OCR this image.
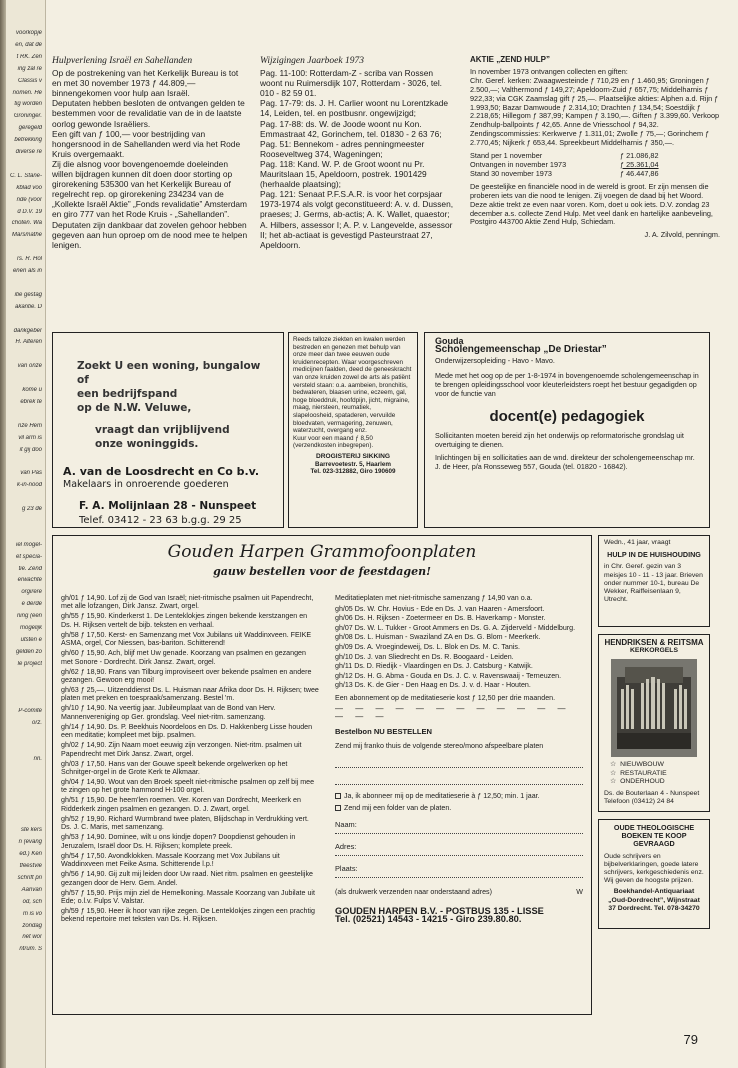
voorkopje
en, dat de
t RK. Zen
ing zal re
Classis v
nomen. He
tig worden
Groninger.
geregeld
betrekking
diverse re
C. L. Stane-
kblad voo
nde (voor
d D.V. 19
choten. Wa
Marsmathe
rs. R. Hol
enen als in
itie gestag
akantie. D
dankgeber
H. Alteren
van onze
kome u
ebrek te
nze Hem
vil arm is
it gij doo
van Pas
k-in-nood
g 23 de
iel mogel-
et specia-
tie. Zend
erwachte
orgirere
e derde
ning (een
mogelijk
utsten e
gelden zo
le project
P-comite
orz.
nn.
ste kers
n (evang
ed.) Ken
tfeestvie
schrift pri
Aanvan
od, sch
m is vo
zondag
net wor
ntrum. S
Hulpverlening Israël en Sahellanden

Op de postrekening van het Kerkelijk Bureau is tot en met 30 november 1973 ƒ 44.809,— binnengekomen voor hulp aan Israël.

Deputaten hebben besloten de ontvangen gelden te bestemmen voor de revalidatie van de in de laatste oorlog gewonde Israëliers.

Een gift van ƒ 100,— voor bestrijding van hongersnood in de Sahellanden werd via het Rode Kruis overgemaakt.

Zij die alsnog voor bovengenoemde doeleinden willen bijdragen kunnen dit doen door storting op girorekening 535300 van het Kerkelijk Bureau of regelrecht rep. op girorekening 234234 van de „Kollekte Israël Aktie” „Fonds revalidatie” Amsterdam en giro 777 van het Rode Kruis - „Sahellanden”.

Deputaten zijn dankbaar dat zovelen gehoor hebben gegeven aan hun oproep om de nood mee te helpen lenigen.

Wijzigingen Jaarboek 1973

Pag. 11-100: Rotterdam-Z - scriba van Rossen woont nu Ruimersdijk 107, Rotterdam - 3026, tel. 010 - 82 59 01.

Pag. 17-79: ds. J. H. Carlier woont nu Lorentzkade 14, Leiden, tel. en postbusnr. ongewijzigd;

Pag. 17-88: ds. W. de Joode woont nu Kon. Emmastraat 42, Gorinchem, tel. 01830 - 2 63 76;

Pag. 51: Bennekom - adres penningmeester Rooseveltweg 374, Wageningen;

Pag. 118: Kand. W. P. de Groot woont nu Pr. Mauritslaan 15, Apeldoorn, postrek. 1901429 (herhaalde plaatsing);

Pag. 121: Senaat P.F.S.A.R. is voor het corpsjaar 1973-1974 als volgt geconstitueerd: A. v. d. Dussen, praeses; J. Germs, ab-actis; A. K. Wallet, quaestor; A. Hilbers, assessor I; A. P. v. Langevelde, assessor II; het ab-actiaat is gevestigd Pasteurstraat 27, Apeldoorn.

AKTIE „ZEND HULP”

In november 1973 ontvangen collecten en giften:

Chr. Geref. kerken: Zwaagwesteinde ƒ 710,29 en ƒ 1.460,95; Groningen ƒ 2.500,—; Valthermond ƒ 149,27; Apeldoorn-Zuid ƒ 657,75; Middelharnis ƒ 922,33; via CGK Zaamslag gift ƒ 25,—. Plaatselijke akties: Alphen a.d. Rijn ƒ 1.993,50; Bazar Damwoude ƒ 2.314,10; Drachten ƒ 134,54; Soestdijk ƒ 2.218,65; Hillegom ƒ 387,99; Kampen ƒ 3.190,—. Giften ƒ 3.399,60. Verkoop Zendhulp-ballpoints ƒ 42,65. Anne de Vriesschool ƒ 94,32. Zendingscommissies: Kerkwerve ƒ 1.311,01; Zwolle ƒ 75,—; Gorinchem ƒ 2.770,45; Nijkerk ƒ 653,44. Spreekbeurt Middelharnis ƒ 350,—.

Stand per 1 november	ƒ 21.086,82
Ontvangen in november 1973	ƒ 25.361,04
Stand 30 november 1973	ƒ 46.447,86

De geestelijke en financiële nood in de wereld is groot. Er zijn mensen die proberen iets van die nood te lenigen. Zij voegen de daad bij het Woord. Deze aktie trekt ze even naar voren. Kom, doet u ook iets. D.V. zondag 23 december a.s. collecte Zend Hulp. Met veel dank en hartelijke aanbeveling,

Postgiro 443700 Aktie Zend Hulp, Schiedam.

J. A. Zilvold, penningm.

Zoekt U een woning, bungalow of
een bedrijfspand
op de N.W. Veluwe,
vraagt dan vrijblijvend
onze woninggids.
A. van de Loosdrecht en Co b.v.
Makelaars in onroerende goederen
F. A. Molijnlaan 28 - Nunspeet
Telef. 03412 - 23 63 b.g.g. 29 25

Reeds talloze ziekten en kwalen werden bestreden en genezen met behulp van onze meer dan twee eeuwen oude kruidenrecepten. Waar voorgeschreven medicijnen faalden, deed de geneeskracht van onze kruiden zowel de arts als patiënt versteld staan: o.a. aambeien, bronchitis, bedwateren, blaasen urine, eczeem, gal, hoge bloeddruk, hoofdpijn, jicht, migraine, maag, niersteen, reumatiek, slapeloosheid, spataderen, vervuilde bloedvaten, vermagering, zenuwen, waterzucht, overgang enz.

Kuur voor een maand ƒ 8,50 (verzendkosten inbegrepen).

DROGISTERIJ SIKKING
Barrevoetestr. 5, Haarlem
Tel. 023-312882, Giro 190609
Gouda
Scholengemeenschap „De Driestar”
Onderwijzersopleiding - Havo - Mavo.

Mede met het oog op de per 1-8-1974 in bovengenoemde scholengemeenschap in te brengen opleidingsschool voor kleuterleidsters roept het bestuur gegadigden op voor de functie van

docent(e) pedagogiek

Sollicitanten moeten bereid zijn het onderwijs op reformatorische grondslag uit overtuiging te dienen.

Inlichtingen bij en sollicitaties aan de wnd. direkteur der scholengemeenschap mr. J. de Heer, p/a Ronsseweg 557, Gouda (tel. 01820 - 16842).

Gouden Harpen Grammofoonplaten
gauw bestellen voor de feestdagen!
gh/01 ƒ 14,90. Lof zij de God van Israël; niet-ritmische psalmen uit Papendrecht, met alle lofzangen, Dirk Jansz. Zwart, orgel.
gh/55 ƒ 15,90. Kinderkerst 1. De Lenteklokjes zingen bekende kerstzangen en Ds. H. Rijksen vertelt de bijb. teksten en verhaal.
gh/58 ƒ 17,50. Kerst- en Samenzang met Vox Jubilans uit Waddinxveen. FEIKE ASMA, orgel, Cor Niessen, bas-bariton. Schitterend!
gh/60 ƒ 15,90. Ach, blijf met Uw genade. Koorzang van psalmen en gezangen met Sonore - Dordrecht. Dirk Jansz. Zwart, orgel.
gh/62 ƒ 18,90. Frans van Tilburg improviseert over bekende psalmen en andere gezangen. Gewoon erg mooi!
gh/63 ƒ 25,—. Uitzenddienst Ds. L. Huisman naar Afrika door Ds. H. Rijksen; twee platen met preken en toespraak/samenzang. Bestel 'm.
gh/10 ƒ 14,90. Na veertig jaar. Jubileumplaat van de Bond van Herv. Mannenvereniging op Ger. grondslag. Veel niet-ritm. samenzang.
gh/14 ƒ 14,90. Ds. P. Beekhuis Noordeloos en Ds. D. Hakkenberg Lisse houden een meditatie; kompleet met bijp. psalmen.
gh/02 ƒ 14,90. Zijn Naam moet eeuwig zijn verzongen. Niet-ritm. psalmen uit Papendrecht met Dirk Jansz. Zwart, orgel.
gh/03 ƒ 17,50. Hans van der Gouwe speelt bekende orgelwerken op het Schnitger-orgel in de Grote Kerk te Alkmaar.
gh/04 ƒ 14,90. Wout van den Broek speelt niet-ritmische psalmen op zelf bij mee te zingen op het grote hammond H-100 orgel.
gh/51 ƒ 15,90. De heem'len roemen. Ver. Koren van Dordrecht, Meerkerk en Ridderkerk zingen psalmen en gezangen. D. J. Zwart, orgel.
gh/52 ƒ 19,90. Richard Wurmbrand twee platen, Blijdschap in Verdrukking vert. Ds. J. C. Maris, met samenzang.
gh/53 ƒ 14,90. Dominee, wilt u ons kindje dopen? Doopdienst gehouden in Jeruzalem, Israël door Ds. H. Rijksen; komplete preek.
gh/54 ƒ 17,50. Avondklokken. Massale Koorzang met Vox Jubilans uit Waddinxveen met Feike Asma. Schitterende l.p.!
gh/56 ƒ 14,90. Gij zult mij leiden door Uw raad. Niet ritm. psalmen en geestelijke gezangen door de Herv. Gem. Andel.
gh/57 ƒ 15,90. Prijs mijn ziel de Hemelkoning. Massale Koorzang van Jubilate uit Ede; o.l.v. Fulps V. Valstar.
gh/59 ƒ 15,90. Heer ik hoor van rijke zegen. De Lenteklokjes zingen een prachtig bekend repertoire met teksten van Ds. H. Rijksen.

Meditatieplaten met niet-ritmische samenzang ƒ 14,90 van o.a.

gh/05 Ds. W. Chr. Hovius - Ede en Ds. J. van Haaren - Amersfoort.
gh/06 Ds. H. Rijksen - Zoetermeer en Ds. B. Haverkamp - Monster.
gh/07 Ds. W. L. Tukker - Groot Ammers en Ds. G. A. Zijderveld - Middelburg.
gh/08 Ds. L. Huisman - Swaziland ZA en Ds. G. Blom - Meerkerk.
gh/09 Ds. A. Vroegindeweij, Ds. L. Blok en Ds. M. C. Tanis.
gh/10 Ds. J. van Sliedrecht en Ds. R. Boogaard - Leiden.
gh/11 Ds. D. Riedijk - Vlaardingen en Ds. J. Catsburg - Katwijk.
gh/12 Ds. H. G. Abma - Gouda en Ds. J. C. v. Ravenswaaij - Terneuzen.
gh/13 Ds. K. de Gier - Den Haag en Ds. J. v. d. Haar - Houten.

Een abonnement op de meditatieserie kost ƒ 12,50 per drie maanden.

— — — — — — — — — — — — — — —
Bestelbon NU BESTELLEN

Zend mij franko thuis de volgende stereo/mono afspeelbare platen

Ja, ik abonneer mij op de meditatieserie à ƒ 12,50; min. 1 jaar.
Zend mij een folder van de platen.
Naam:
Adres:
Plaats:
(als drukwerk verzenden naar onderstaand adres)	W
GOUDEN HARPEN B.V. - POSTBUS 135 - LISSE
Tel. (02521) 14543 - 14215 - Giro 239.80.80.
Wedn., 41 jaar, vraagt
HULP IN DE HUISHOUDING
in Chr. Geref. gezin van 3 meisjes 10 - 11 - 13 jaar. Brieven onder nummer 10-1, bureau De Wekker, Raiffeisenlaan 9, Utrecht.
HENDRIKSEN & REITSMA
KERKORGELS
☆ NIEUWBOUW
☆ RESTAURATIE
☆ ONDERHOUD
Ds. de Bouterlaan 4 - Nunspeet
Telefoon (03412) 24 84
OUDE THEOLOGISCHE BOEKEN TE KOOP GEVRAAGD
Oude schrijvers en bijbelverklaringen, goede latere schrijvers, kerkgeschiedenis enz. Wij geven de hoogste prijzen.
Boekhandel-Antiquariaat „Oud-Dordrecht”, Wijnstraat 37 Dordrecht. Tel. 078-34270
79
